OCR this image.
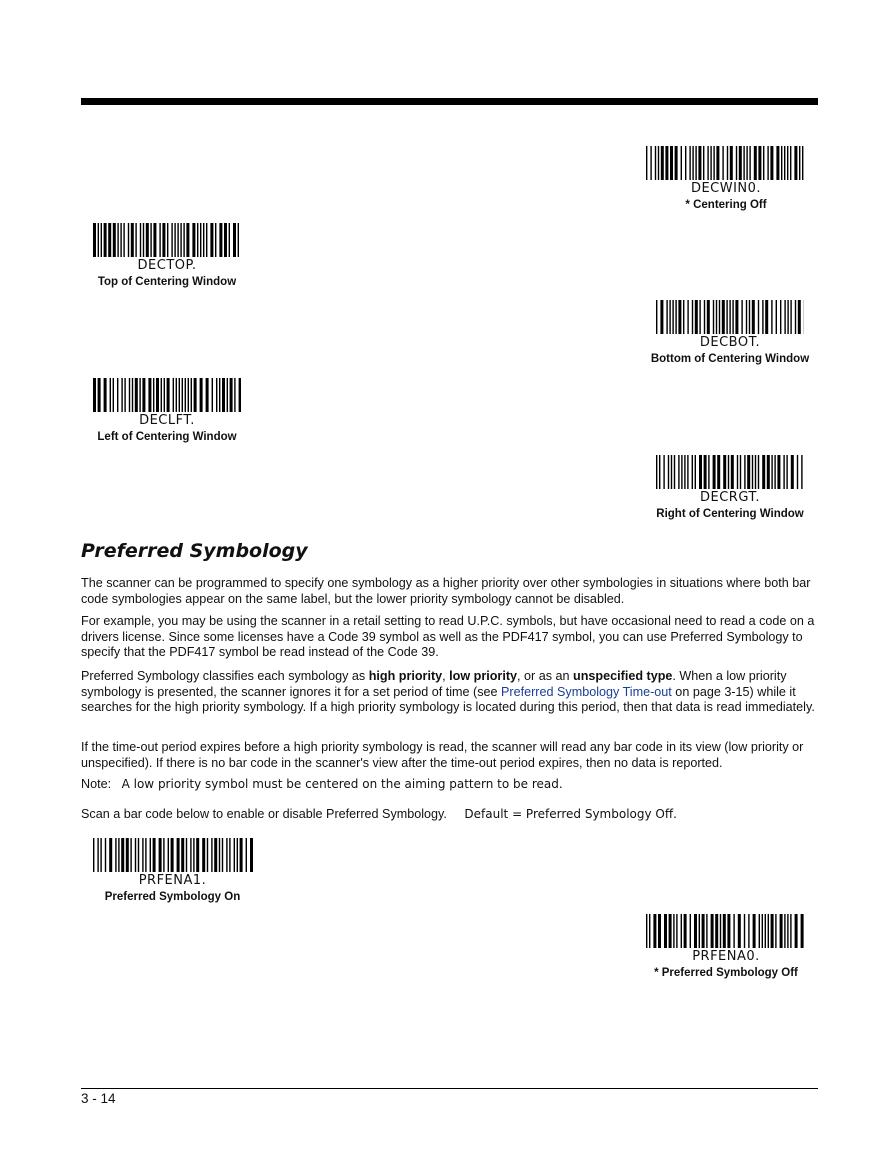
DECWIN0.
* Centering Off
DECTOP.
Top of Centering Window
DECBOT.
Bottom of Centering Window
DECLFT.
Left of Centering Window
DECRGT.
Right of Centering Window
Preferred Symbology

The scanner can be programmed to specify one symbology as a higher priority over other symbologies in situations where both bar code symbologies appear on the same label, but the lower priority symbology cannot be disabled.

For example, you may be using the scanner in a retail setting to read U.P.C. symbols, but have occasional need to read a code on a drivers license. Since some licenses have a Code 39 symbol as well as the PDF417 symbol, you can use Preferred Symbology to specify that the PDF417 symbol be read instead of the Code 39.

Preferred Symbology classifies each symbology as high priority, low priority, or as an unspecified type. When a low priority symbology is presented, the scanner ignores it for a set period of time (see Preferred Symbology Time-out on page 3-15) while it searches for the high priority symbology. If a high priority symbology is located during this period, then that data is read immediately.

If the time-out period expires before a high priority symbology is read, the scanner will read any bar code in its view (low priority or unspecified). If there is no bar code in the scanner's view after the time-out period expires, then no data is reported.

Note: A low priority symbol must be centered on the aiming pattern to be read.
Scan a bar code below to enable or disable Preferred Symbology. Default = Preferred Symbology Off.
PRFENA1.
Preferred Symbology On
PRFENA0.
* Preferred Symbology Off
3 - 14
